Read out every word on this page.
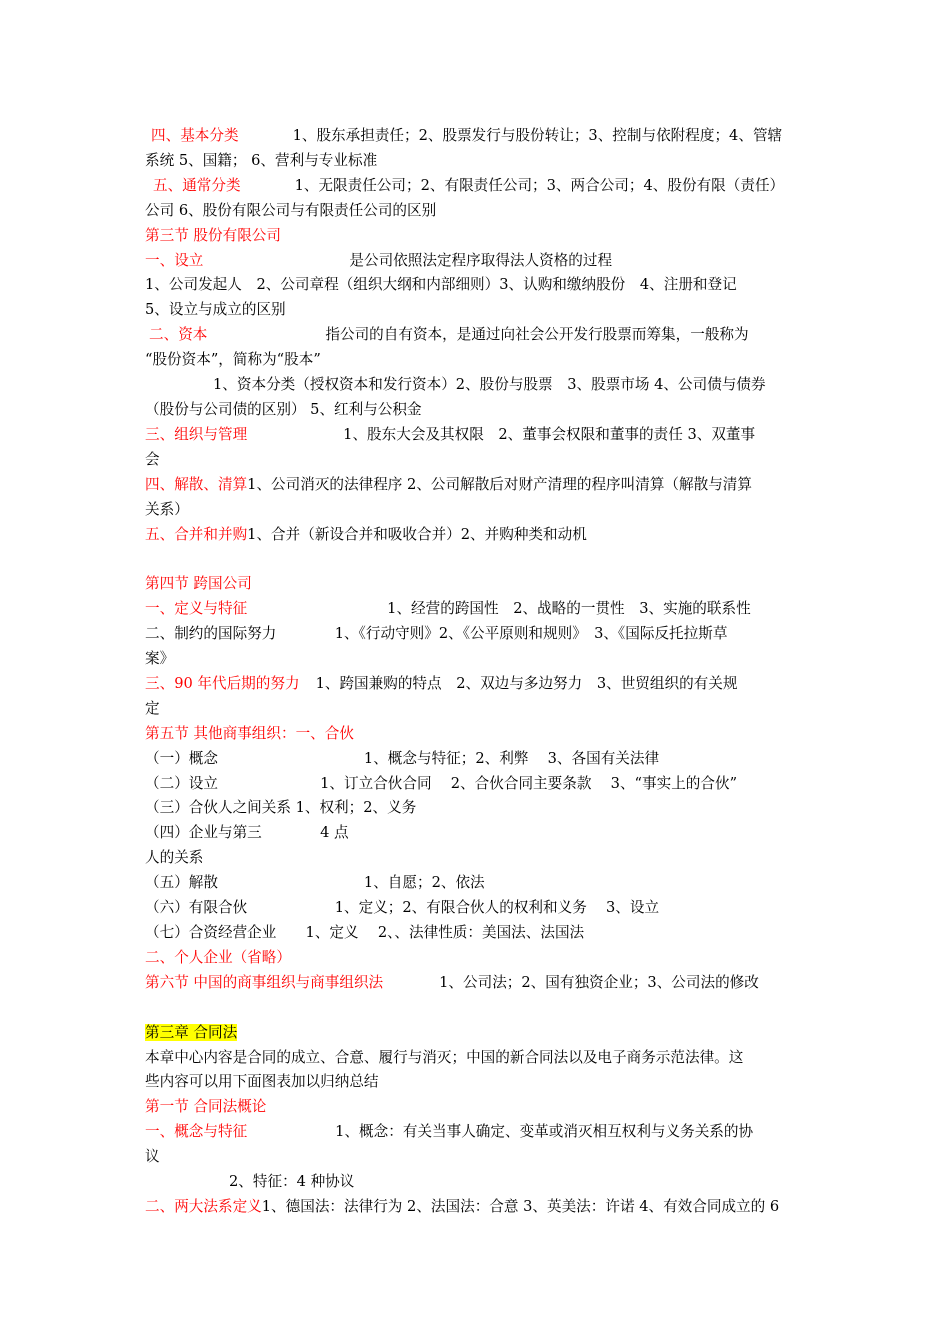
四、基本分类	1、股东承担责任；2、股票发行与股份转让；3、控制与依附程度；4、管辖
系统 5、国籍； 6、营利与专业标准
五、通常分类	1、无限责任公司；2、有限责任公司；3、两合公司；4、股份有限（责任）
公司 6、股份有限公司与有限责任公司的区别
第三节 股份有限公司
一、设立	是公司依照法定程序取得法人资格的过程
1、公司发起人　2、公司章程（组织大纲和内部细则）3、认购和缴纳股份　4、注册和登记
5、设立与成立的区别
二、资本	指公司的自有资本，是通过向社会公开发行股票而筹集，一般称为
“股份资本”，简称为“股本”
1、资本分类（授权资本和发行资本）2、股份与股票　3、股票市场 4、公司债与债券
（股份与公司债的区别） 5、红利与公积金
三、组织与管理	1、股东大会及其权限　2、董事会权限和董事的责任 3、双董事
会
四、解散、清算1、公司消灭的法律程序 2、公司解散后对财产清理的程序叫清算（解散与清算
关系）
五、合并和并购1、合并（新设合并和吸收合并）2、并购种类和动机
第四节 跨国公司
一、定义与特征	1、经营的跨国性　2、战略的一贯性　3、实施的联系性
二、制约的国际努力　　　　1、《行动守则》2、《公平原则和规则》　3、《国际反托拉斯草
案》
三、90 年代后期的努力 1、跨国兼购的特点　2、双边与多边努力　3、世贸组织的有关规
定
第五节 其他商事组织：一、合伙
（一）概念　　　　　　　　　　1、概念与特征；2、利弊　 3、各国有关法律
（二）设立　　　　　　　1、订立合伙合同　 2、合伙合同主要条款　 3、“事实上的合伙”
（三）合伙人之间关系 1、权利；2、义务
（四）企业与第三　　　　4 点
人的关系
（五）解散　　　　　　　　　　1、自愿；2、依法
（六）有限合伙　　　　　　1、定义；2、有限合伙人的权利和义务　 3、设立
（七）合资经营企业　　1、定义　 2、、法律性质：美国法、法国法
二、个人企业（省略）
第六节 中国的商事组织与商事组织法	1、公司法；2、国有独资企业；3、公司法的修改
第三章 合同法
本章中心内容是合同的成立、合意、履行与消灭；中国的新合同法以及电子商务示范法律。这
些内容可以用下面图表加以归纳总结
第一节 合同法概论
一、概念与特征	1、概念：有关当事人确定、变革或消灭相互权利与义务关系的协
议
2、特征：4 种协议
二、两大法系定义1、德国法：法律行为 2、法国法：合意 3、英美法：许诺 4、有效合同成立的 6
